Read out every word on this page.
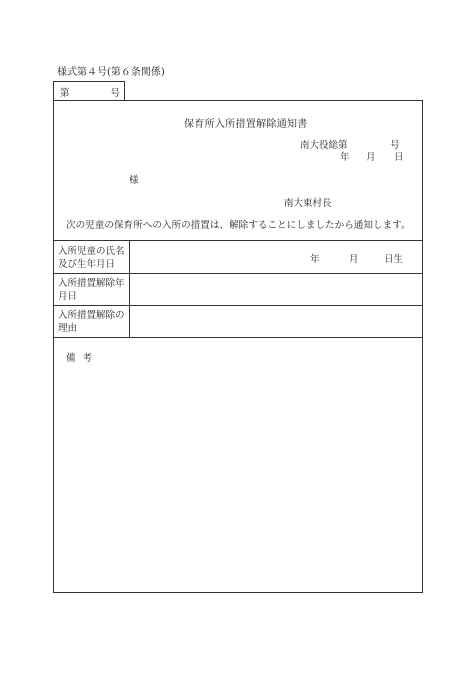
様式第４号(第６条関係)
第	号
保育所入所措置解除通知書
南大役総第	号
年 月 日
様
南大東村長
次の児童の保育所への入所の措置は、解除することにしましたから通知します。
入所児童の氏名及び生年月日	年	月	日生
入所措置解除年月日
入所措置解除の理由
備考
